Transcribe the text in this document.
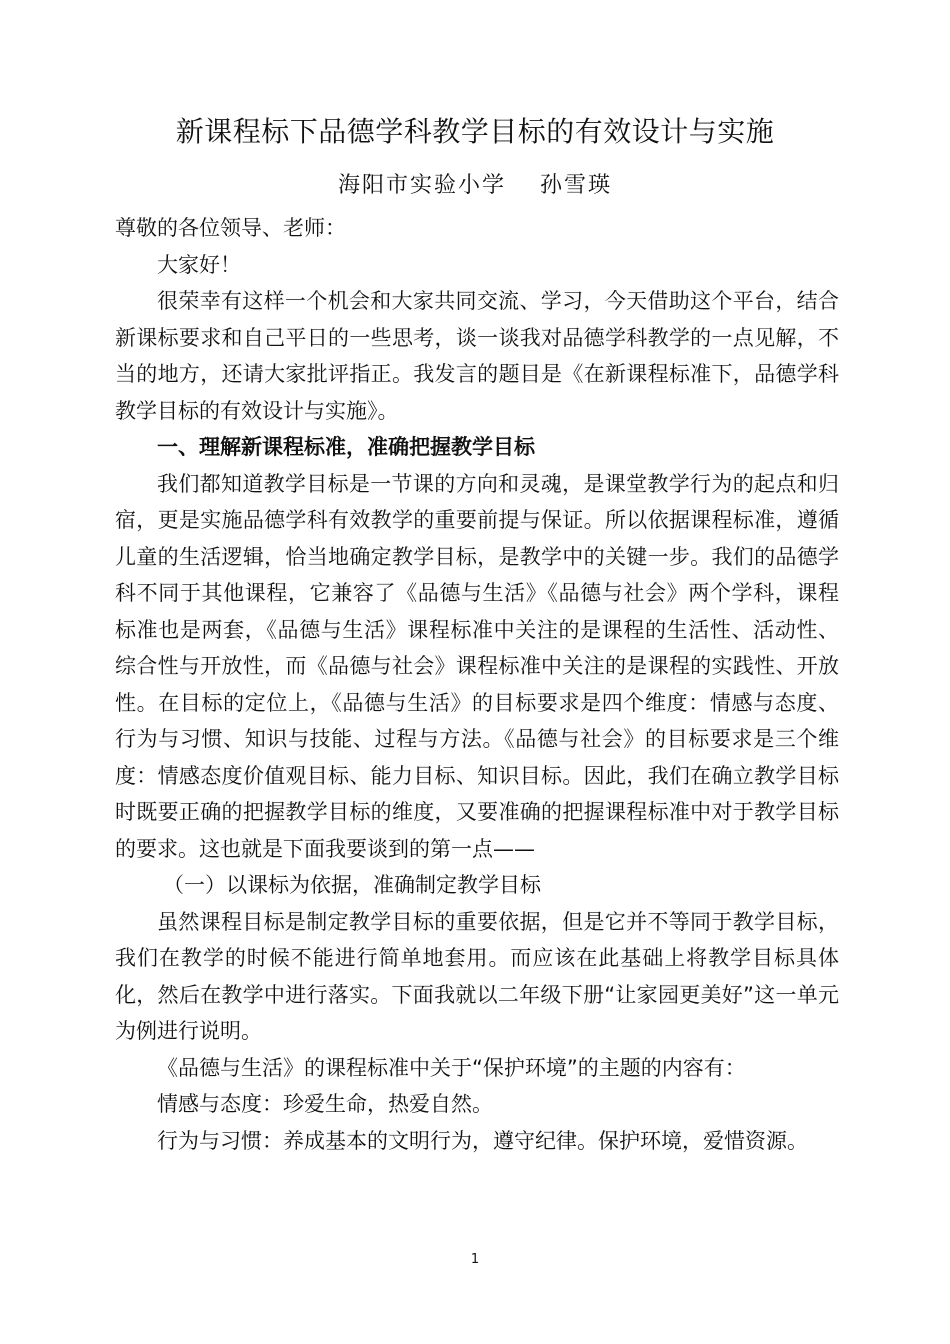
新课程标下品德学科教学目标的有效设计与实施
海阳市实验小学 孙雪瑛

尊敬的各位领导、老师：

大家好！

很荣幸有这样一个机会和大家共同交流、学习，今天借助这个平台，结合新课标要求和自己平日的一些思考，谈一谈我对品德学科教学的一点见解，不当的地方，还请大家批评指正。我发言的题目是《在新课程标准下，品德学科教学目标的有效设计与实施》。

一、理解新课程标准，准确把握教学目标

我们都知道教学目标是一节课的方向和灵魂，是课堂教学行为的起点和归宿，更是实施品德学科有效教学的重要前提与保证。所以依据课程标准，遵循儿童的生活逻辑，恰当地确定教学目标，是教学中的关键一步。我们的品德学科不同于其他课程，它兼容了《品德与生活》《品德与社会》两个学科，课程标准也是两套，《品德与生活》课程标准中关注的是课程的生活性、活动性、综合性与开放性，而《品德与社会》课程标准中关注的是课程的实践性、开放性。在目标的定位上，《品德与生活》的目标要求是四个维度：情感与态度、行为与习惯、知识与技能、过程与方法。《品德与社会》的目标要求是三个维度：情感态度价值观目标、能力目标、知识目标。因此，我们在确立教学目标时既要正确的把握教学目标的维度，又要准确的把握课程标准中对于教学目标的要求。这也就是下面我要谈到的第一点——

（一）以课标为依据，准确制定教学目标

虽然课程目标是制定教学目标的重要依据，但是它并不等同于教学目标，我们在教学的时候不能进行简单地套用。而应该在此基础上将教学目标具体化，然后在教学中进行落实。下面我就以二年级下册“让家园更美好”这一单元为例进行说明。

《品德与生活》的课程标准中关于“保护环境”的主题的内容有：

情感与态度：珍爱生命，热爱自然。

行为与习惯：养成基本的文明行为，遵守纪律。保护环境，爱惜资源。

1
